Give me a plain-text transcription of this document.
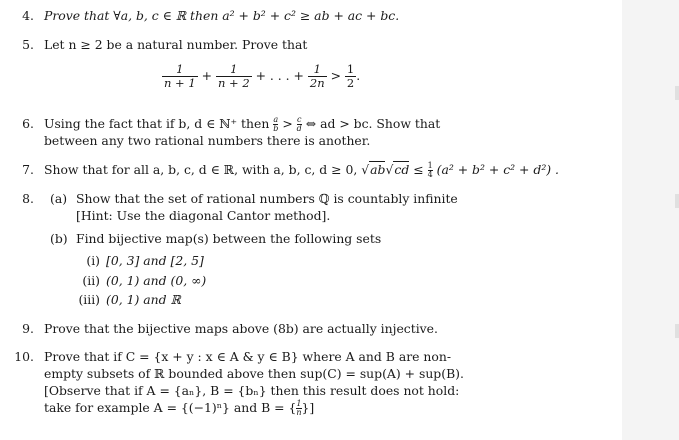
4. Prove that ∀a, b, c ∈ ℝ then a² + b² + c² ≥ ab + ac + bc.
5. Let n ≥ 2 be a natural number. Prove that
$\frac{1}{n + 1} + \frac{1}{n + 2}$ + . . . + $\frac{1}{2n} > \frac{1}{2}$ .
6. Using the fact that if b, d ∈ ℕ⁺ then $\frac{a}{b} > \frac{c}{d}$ ⇔ ad > bc. Show that
between any two rational numbers there is another.
7. Show that for all a, b, c, d ∈ ℝ, with a, b, c, d ≥ 0, $√ab√cd \le \frac{1}{4} (a^2 + b^2 + c^2 + d^2)$ .
8. (a) Show that the set of rational numbers ℚ is countably infinite
[Hint: Use the diagonal Cantor method].
(b) Find bijective map(s) between the following sets
(i) [0, 3] and [2, 5]
(ii) (0, 1) and (0, ∞)
(iii) (0, 1) and ℝ
9. Prove that the bijective maps above (8b) are actually injective.
10. Prove that if C = {x + y : x ∈ A & y ∈ B} where A and B are non-
empty subsets of ℝ bounded above then sup(C) = sup(A) + sup(B).
[Observe that if A = {aₙ}, B = {bₙ} then this result does not hold:
take for example A = {(−1)ⁿ} and B = { $\frac{1}{n}$ }]
